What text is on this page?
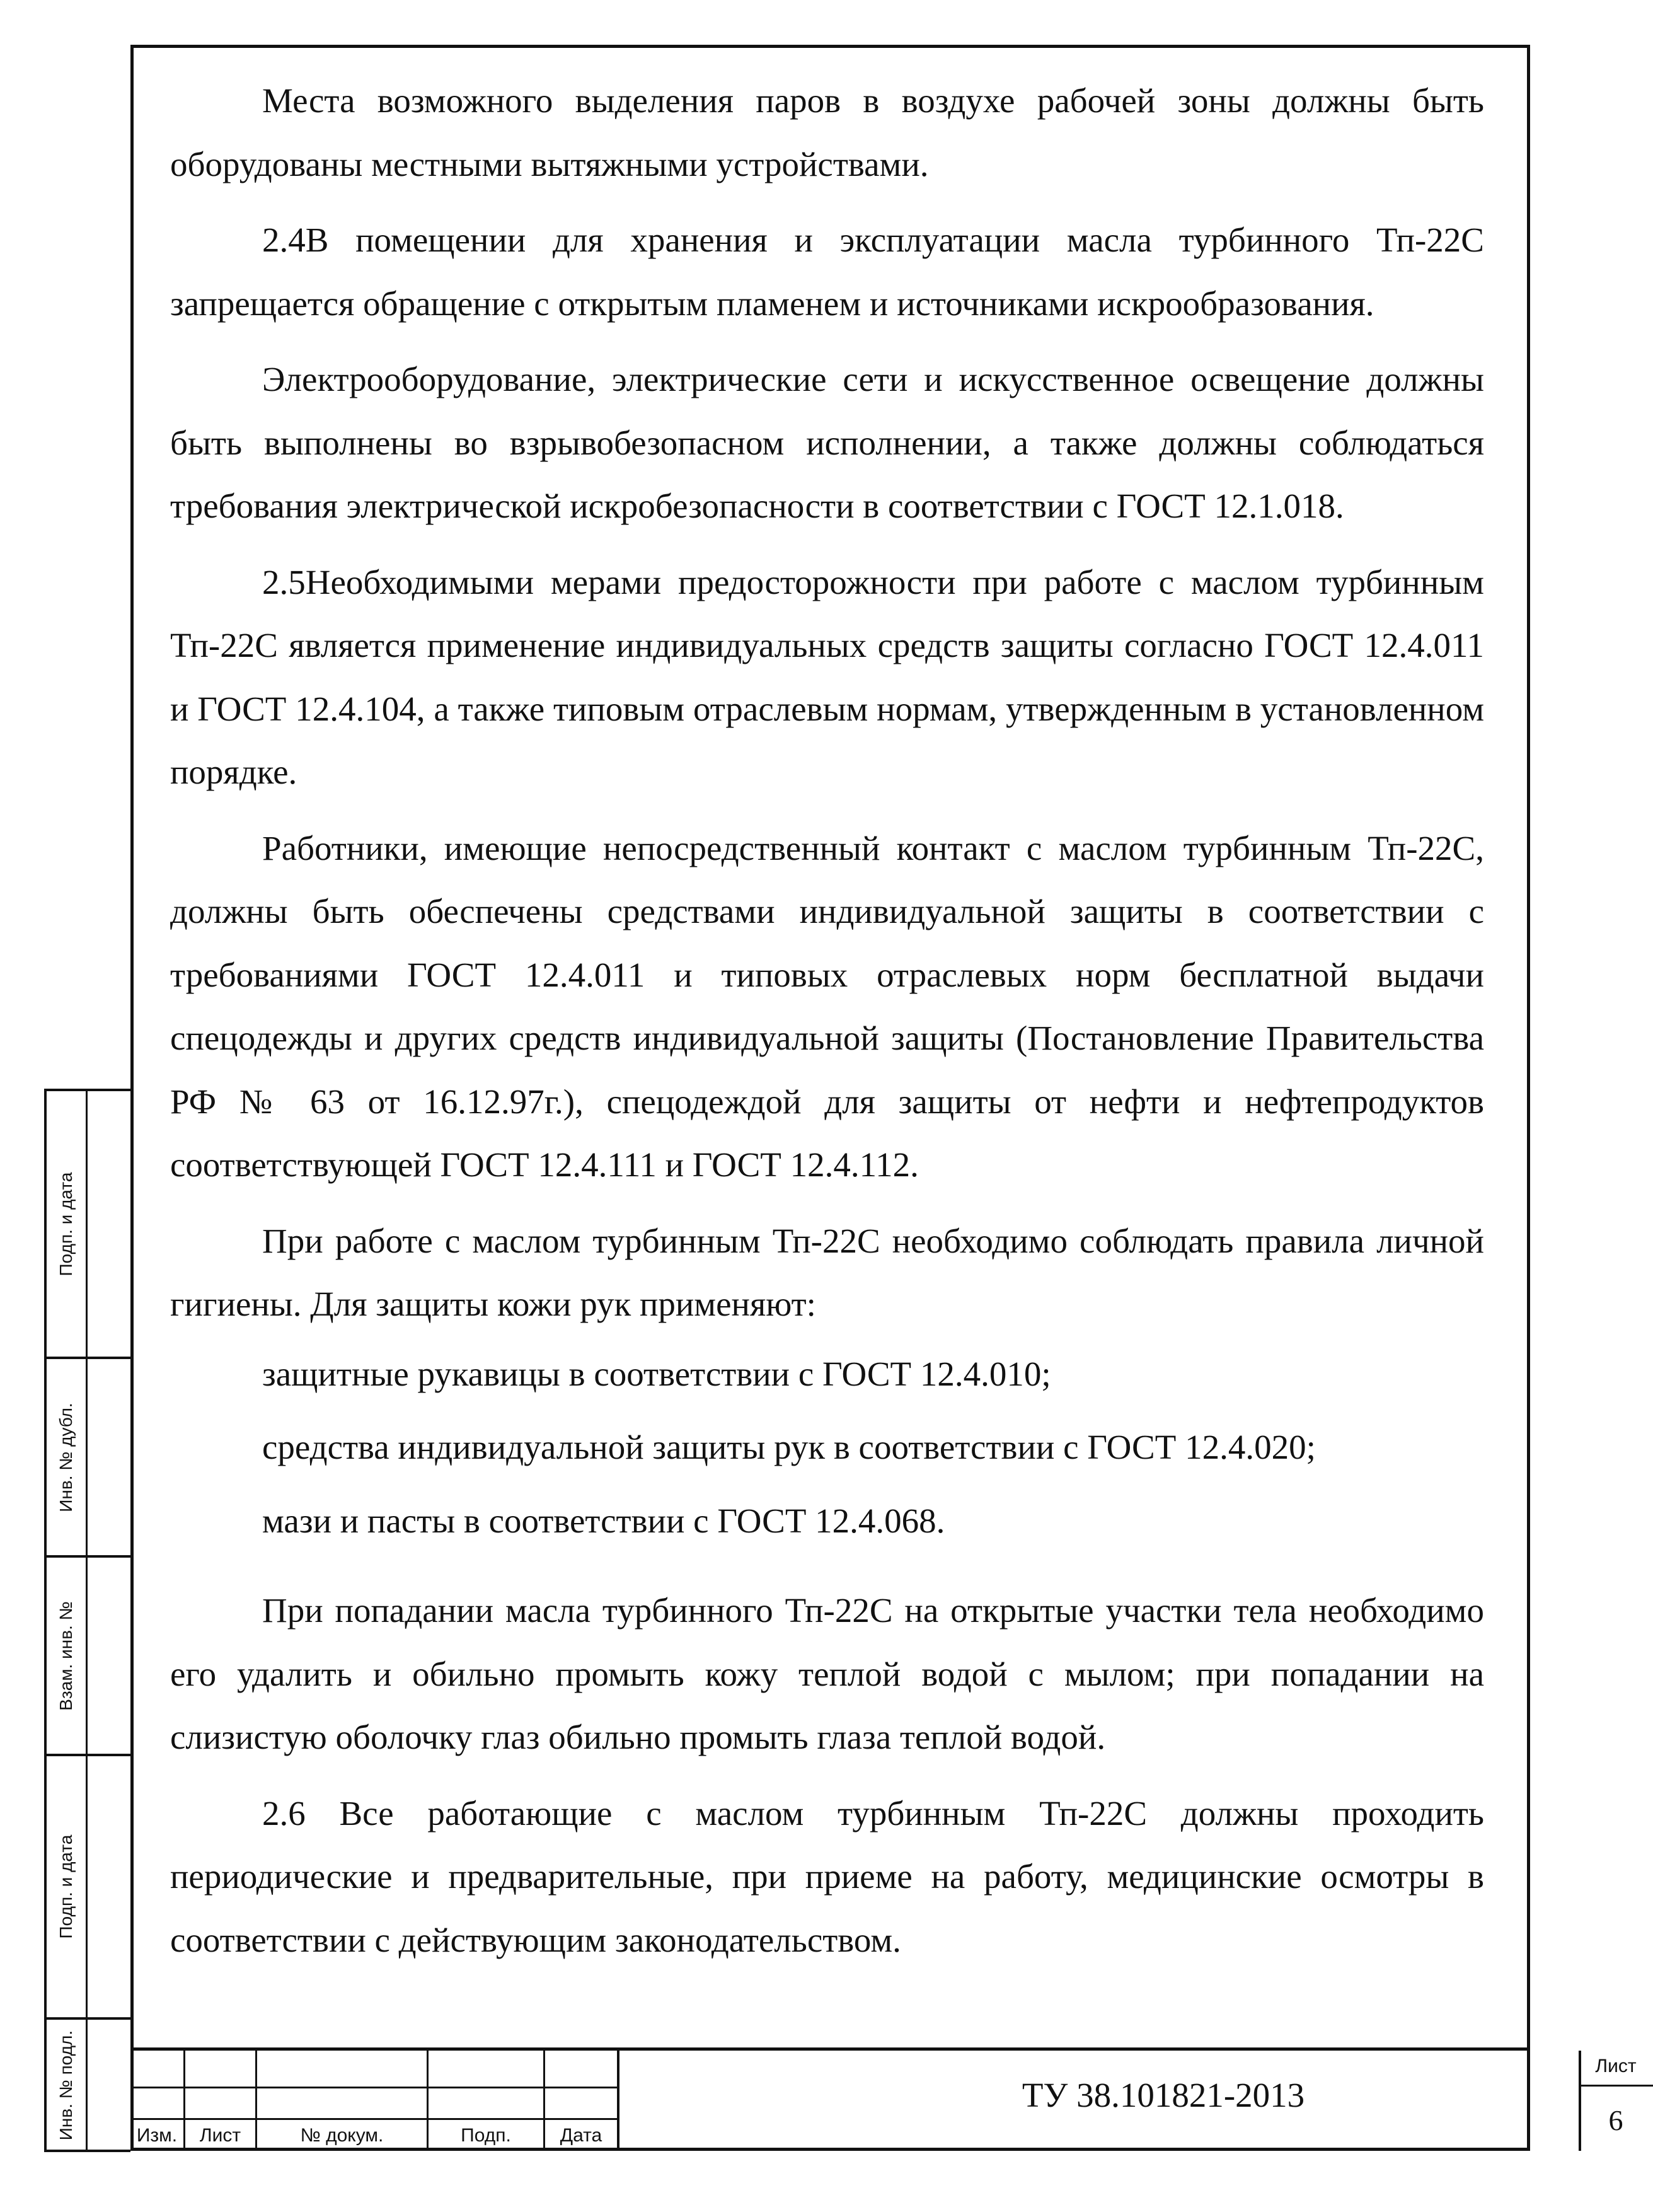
Места возможного выделения паров в воздухе рабочей зоны должны быть оборудованы местными вытяжными устройствами.

2.4В помещении для хранения и эксплуатации масла турбинного Тп-22С запрещается обращение с открытым пламенем и источниками искрообразования.

Электрооборудование, электрические сети и искусственное освещение должны быть выполнены во взрывобезопасном исполнении, а также должны соблюдаться требования электрической искробезопасности в соответствии с ГОСТ 12.1.018.

2.5Необходимыми мерами предосторожности при работе с маслом турбинным Тп-22С является применение индивидуальных средств защиты согласно ГОСТ 12.4.011 и ГОСТ 12.4.104, а также типовым отраслевым нормам, утвержденным в установленном порядке.

Работники, имеющие непосредственный контакт с маслом турбинным Тп-22С, должны быть обеспечены средствами индивидуальной защиты в соответствии с требованиями ГОСТ 12.4.011 и типовых отраслевых норм бесплатной выдачи спецодежды и других средств индивидуальной защиты (Постановление Правительства РФ № 63 от 16.12.97г.), спецодеждой для защиты от нефти и нефтепродуктов соответствующей ГОСТ 12.4.111 и ГОСТ 12.4.112.

При работе с маслом турбинным Тп-22С необходимо соблюдать правила личной гигиены. Для защиты кожи рук применяют:

защитные рукавицы в соответствии с ГОСТ 12.4.010;

средства индивидуальной защиты рук в соответствии с ГОСТ 12.4.020;

мази и пасты в соответствии с ГОСТ 12.4.068.

При попадании масла турбинного Тп-22С на открытые участки тела необходимо его удалить и обильно промыть кожу теплой водой с мылом; при попадании на слизистую оболочку глаз обильно промыть глаза теплой водой.

2.6 Все работающие с маслом турбинным Тп-22С должны проходить периодические и предварительные, при приеме на работу, медицинские осмотры в соответствии с действующим законодательством.

Подп. и дата
Инв. № дубл.
Взам. инв. №
Подп. и дата
Инв. № подл.	Изм.	Лист	№ докум.	Подп.	Дата
ТУ 38.101821-2013
Лист
6
